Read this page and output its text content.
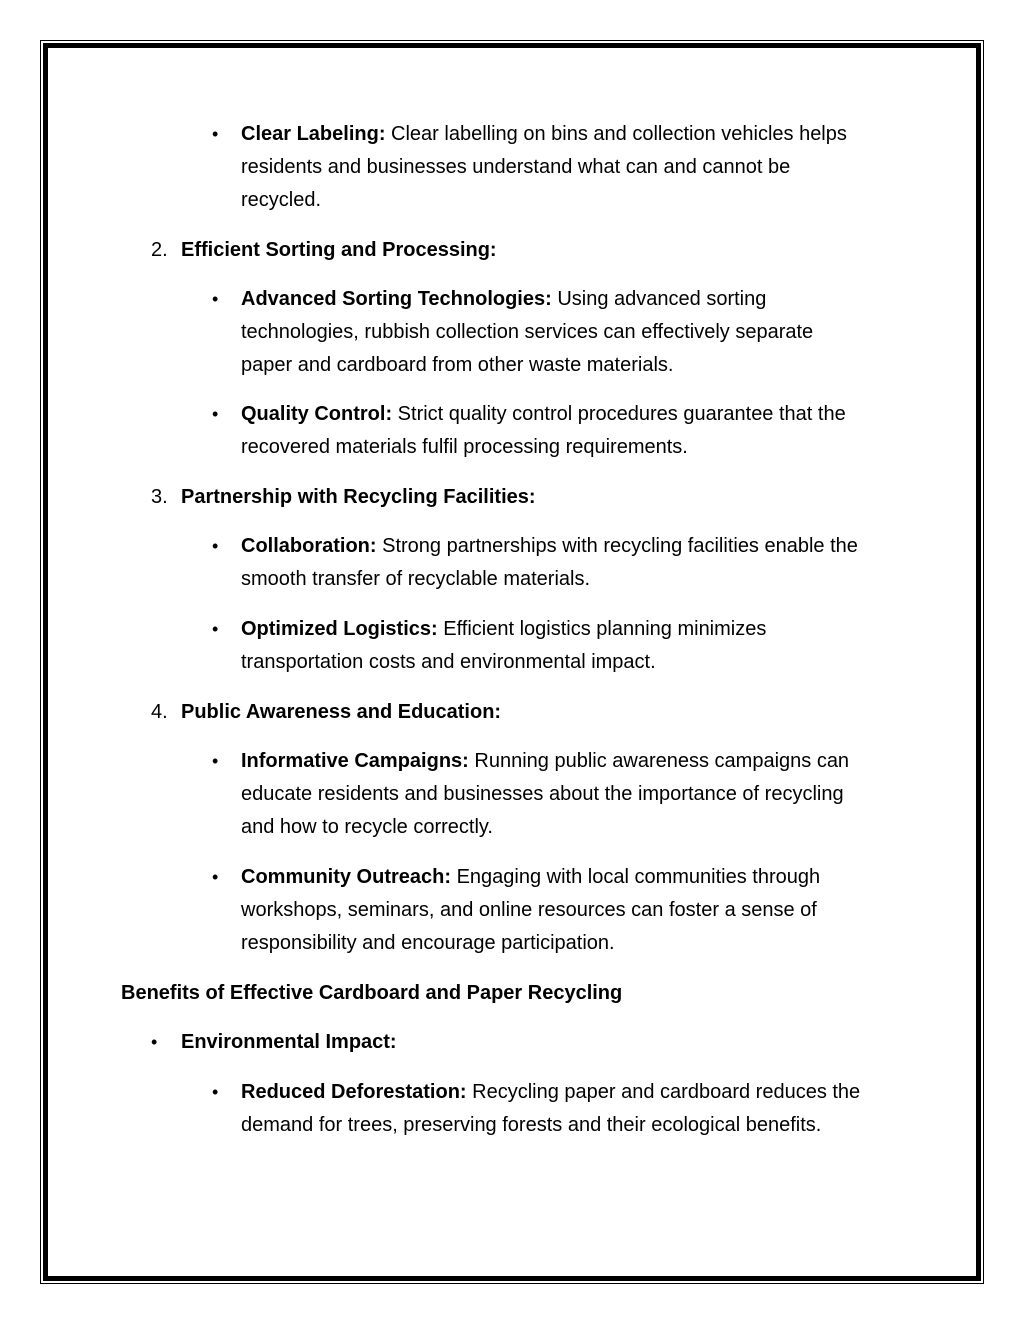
• Clear Labeling: Clear labelling on bins and collection vehicles helps
residents and businesses understand what can and cannot be
recycled.
2. Efficient Sorting and Processing:
• Advanced Sorting Technologies: Using advanced sorting
technologies, rubbish collection services can effectively separate
paper and cardboard from other waste materials.
• Quality Control: Strict quality control procedures guarantee that the
recovered materials fulfil processing requirements.
3. Partnership with Recycling Facilities:
• Collaboration: Strong partnerships with recycling facilities enable the
smooth transfer of recyclable materials.
• Optimized Logistics: Efficient logistics planning minimizes
transportation costs and environmental impact.
4. Public Awareness and Education:
• Informative Campaigns: Running public awareness campaigns can
educate residents and businesses about the importance of recycling
and how to recycle correctly.
• Community Outreach: Engaging with local communities through
workshops, seminars, and online resources can foster a sense of
responsibility and encourage participation.
Benefits of Effective Cardboard and Paper Recycling
• Environmental Impact:
• Reduced Deforestation: Recycling paper and cardboard reduces the
demand for trees, preserving forests and their ecological benefits.
